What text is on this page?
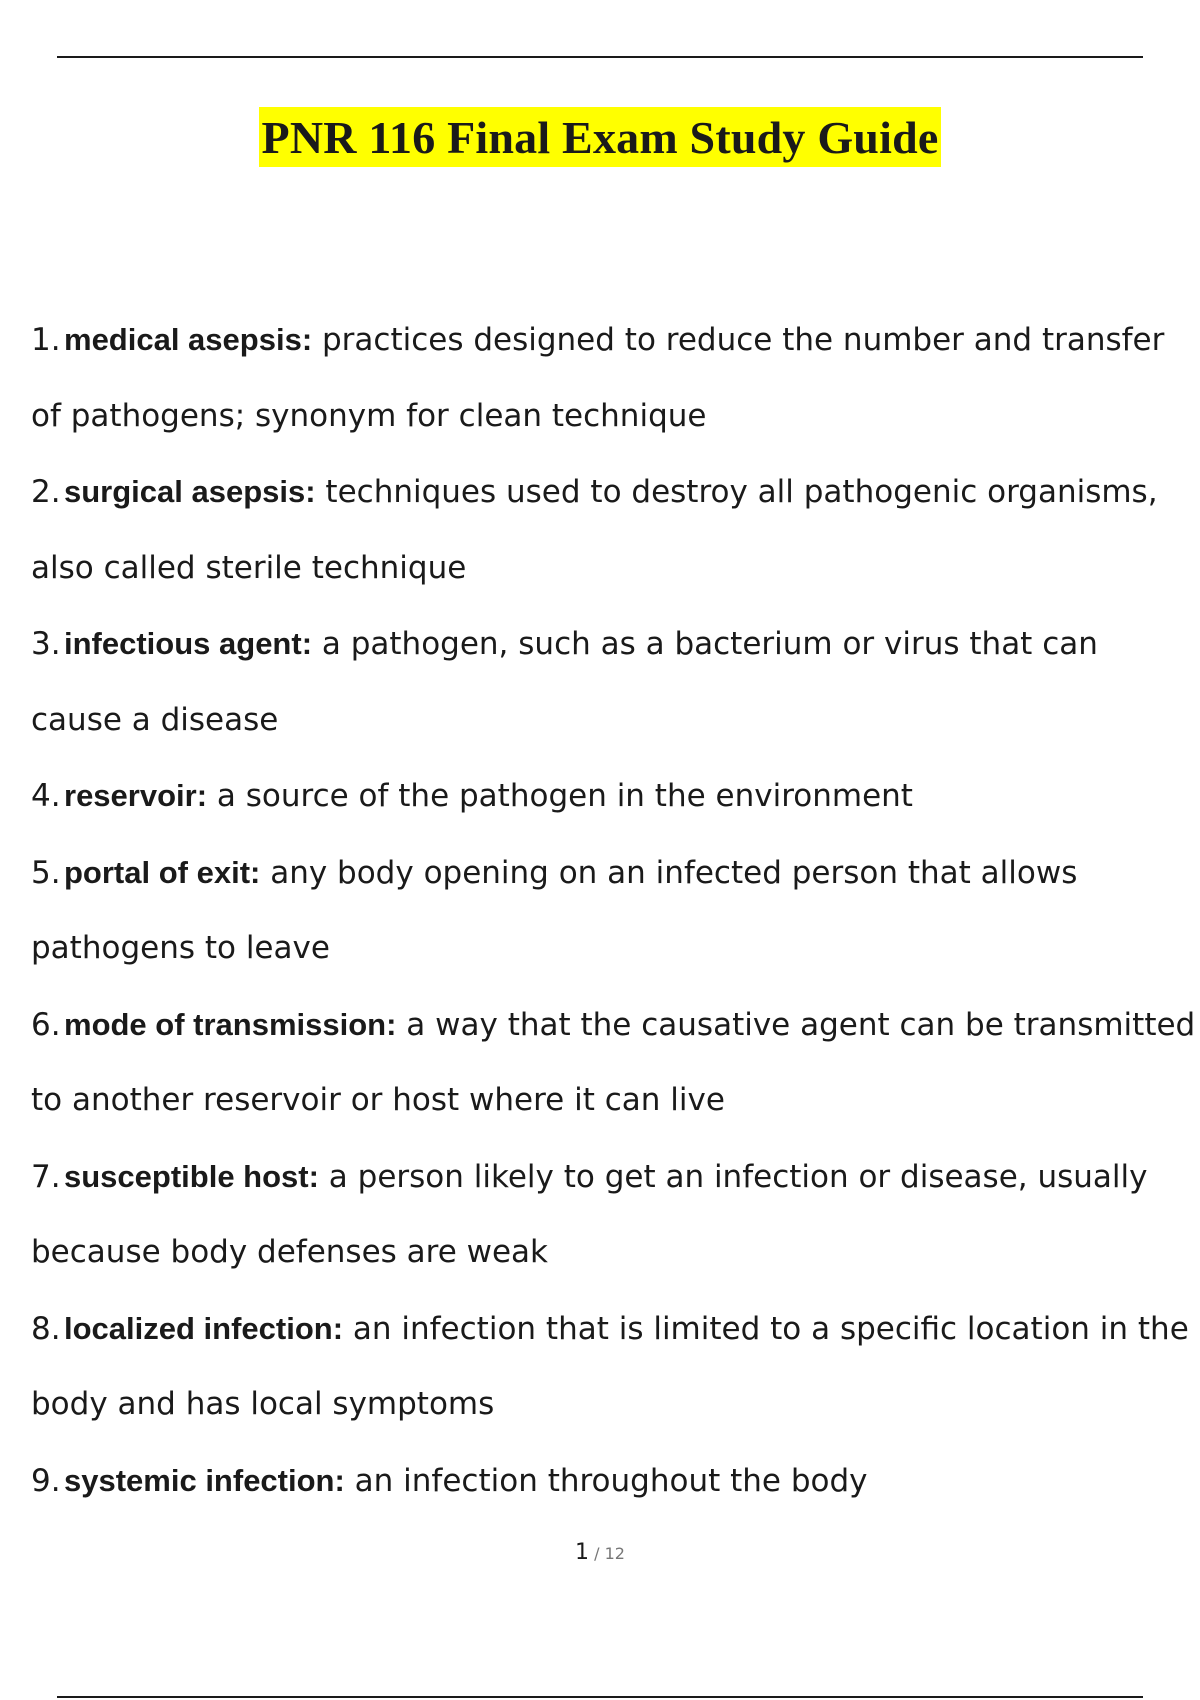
PNR 116 Final Exam Study Guide
1. medical asepsis: practices designed to reduce the number and transfer of pathogens; synonym for clean technique
2. surgical asepsis: techniques used to destroy all pathogenic organisms, also called sterile technique
3. infectious agent: a pathogen, such as a bacterium or virus that can cause a disease
4. reservoir: a source of the pathogen in the environment
5. portal of exit: any body opening on an infected person that allows pathogens to leave
6. mode of transmission: a way that the causative agent can be transmitted to another reservoir or host where it can live
7. susceptible host: a person likely to get an infection or disease, usually because body defenses are weak
8. localized infection: an infection that is limited to a specific location in the body and has local symptoms
9. systemic infection: an infection throughout the body
1 / 12
